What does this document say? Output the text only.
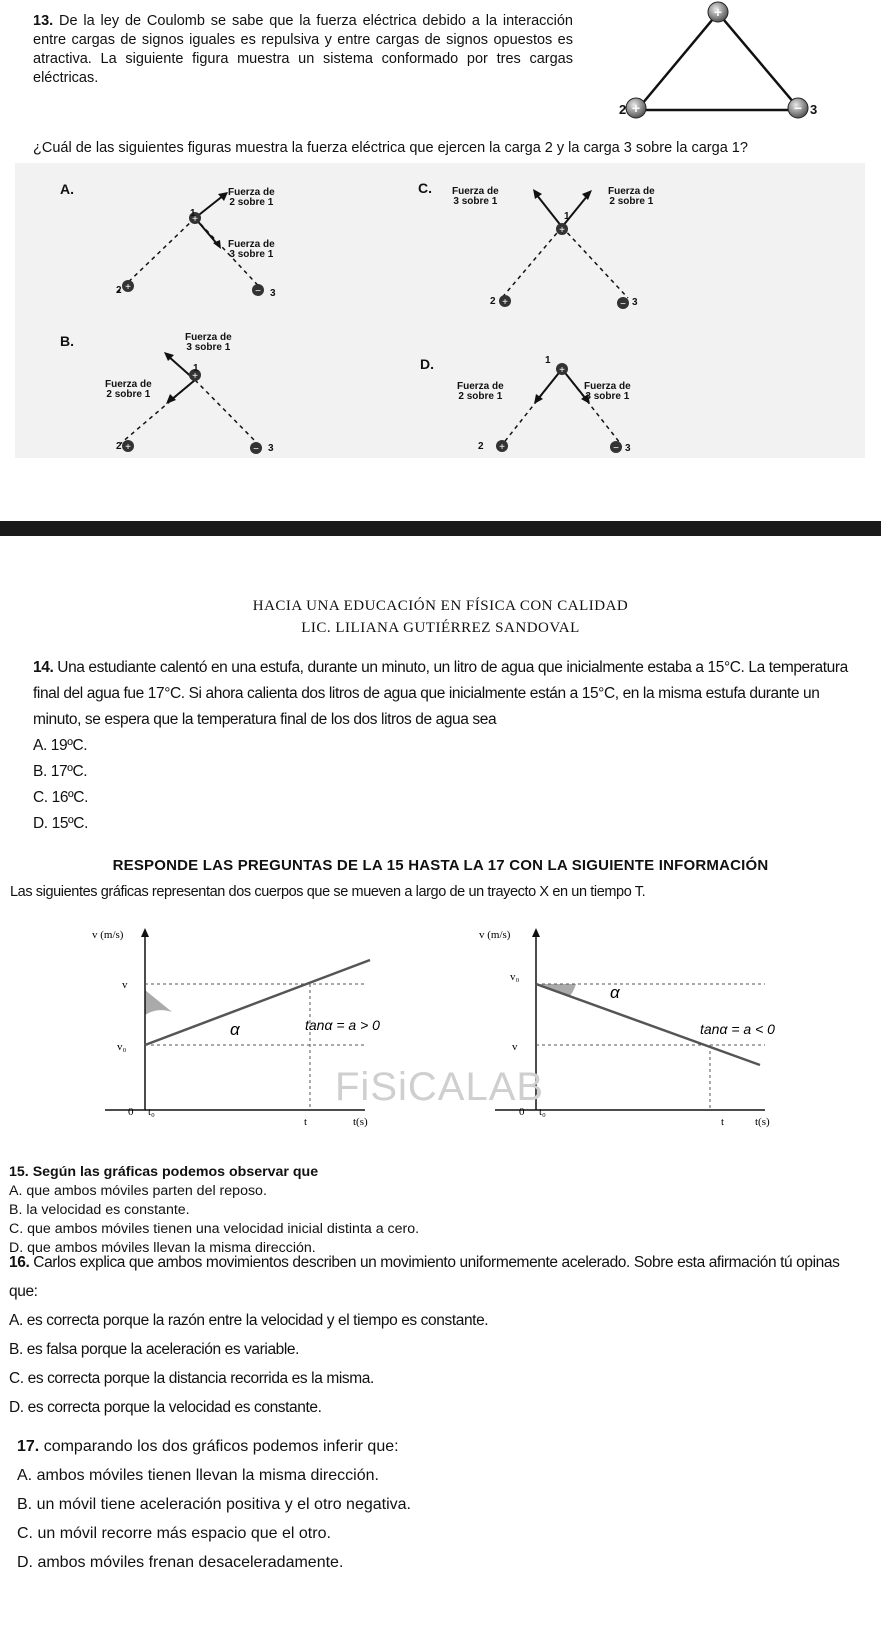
13. De la ley de Coulomb se sabe que la fuerza eléctrica debido a la interacción entre cargas de signos iguales es repulsiva y entre cargas de signos opuestos es atractiva. La siguiente figura muestra un sistema conformado por tres cargas eléctricas.
+
+	−
2	3
¿Cuál de las siguientes figuras muestra la fuerza eléctrica que ejercen la carga 2 y la carga 3 sobre la carga 1?
A.
+
+	−
Fuerza de
2 sobre 1
Fuerza de
3 sobre 1
1
2	3
B.
+
+	−
Fuerza de
3 sobre 1
Fuerza de
2 sobre 1
1
2	3
C.
+
+	−
Fuerza de
3 sobre 1
Fuerza de
2 sobre 1
1
2	3
D.	+
+	−
Fuerza de
2 sobre 1
Fuerza de
3 sobre 1
1
2	3
HACIA UNA EDUCACIÓN EN FÍSICA CON CALIDAD
LIC. LILIANA GUTIÉRREZ SANDOVAL
14. Una estudiante calentó en una estufa, durante un minuto, un litro de agua que inicialmente estaba a 15°C. La temperatura final del agua fue 17°C. Si ahora calienta dos litros de agua que inicialmente están a 15°C, en la misma estufa durante un minuto, se espera que la temperatura final de los dos litros de agua sea
A. 19ºC.
B. 17ºC.
C. 16ºC.
D. 15ºC.
RESPONDE LAS PREGUNTAS DE LA 15 HASTA LA 17 CON LA SIGUIENTE INFORMACIÓN
Las siguientes gráficas representan dos cuerpos que se mueven a largo de un trayecto X en un tiempo T.
v (m/s)
v
v₀
0 t₀
t	t(s)
α	tanα = a > 0
v (m/s)
v₀
v
0 t₀
t	t(s)
α
tanα = a < 0
FiSiCALAB
15. Según las gráficas podemos observar que
A. que ambos móviles parten del reposo.
B. la velocidad es constante.
C. que ambos móviles tienen una velocidad inicial distinta a cero.
D. que ambos móviles llevan la misma dirección.
16. Carlos explica que ambos movimientos describen un movimiento uniformemente acelerado. Sobre esta afirmación tú opinas que:
A. es correcta porque la razón entre la velocidad y el tiempo es constante.
B. es falsa porque la aceleración es variable.
C. es correcta porque la distancia recorrida es la misma.
D. es correcta porque la velocidad es constante.
17. comparando los dos gráficos podemos inferir que:
A. ambos móviles tienen llevan la misma dirección.
B. un móvil tiene aceleración positiva y el otro negativa.
C. un móvil recorre más espacio que el otro.
D. ambos móviles frenan desaceleradamente.
